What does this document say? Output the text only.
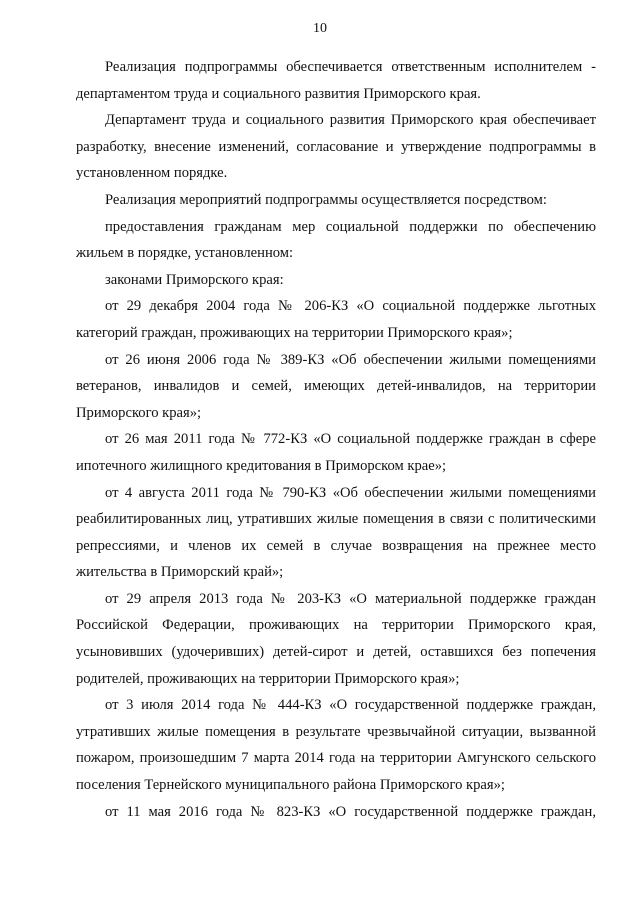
10

Реализация подпрограммы обеспечивается ответственным исполнителем - департаментом труда и социального развития Приморского края.

Департамент труда и социального развития Приморского края обеспечивает разработку, внесение изменений, согласование и утверждение подпрограммы в установленном порядке.

Реализация мероприятий подпрограммы осуществляется посредством:

предоставления гражданам мер социальной поддержки по обеспечению жильем в порядке, установленном:

законами Приморского края:

от 29 декабря 2004 года № 206-КЗ «О социальной поддержке льготных категорий граждан, проживающих на территории Приморского края»;

от 26 июня 2006 года № 389-КЗ «Об обеспечении жилыми помещениями ветеранов, инвалидов и семей, имеющих детей-инвалидов, на территории Приморского края»;

от 26 мая 2011 года № 772-КЗ «О социальной поддержке граждан в сфере ипотечного жилищного кредитования в Приморском крае»;

от 4 августа 2011 года № 790-КЗ «Об обеспечении жилыми помещениями реабилитированных лиц, утративших жилые помещения в связи с политическими репрессиями, и членов их семей в случае возвращения на прежнее место жительства в Приморский край»;

от 29 апреля 2013 года № 203-КЗ «О материальной поддержке граждан Российской Федерации, проживающих на территории Приморского края, усыновивших (удочеривших) детей-сирот и детей, оставшихся без попечения родителей, проживающих на территории Приморского края»;

от 3 июля 2014 года № 444-КЗ «О государственной поддержке граждан, утративших жилые помещения в результате чрезвычайной ситуации, вызванной пожаром, произошедшим 7 марта 2014 года на территории Амгунского сельского поселения Тернейского муниципального района Приморского края»;

от 11 мая 2016 года № 823-КЗ «О государственной поддержке граждан,
